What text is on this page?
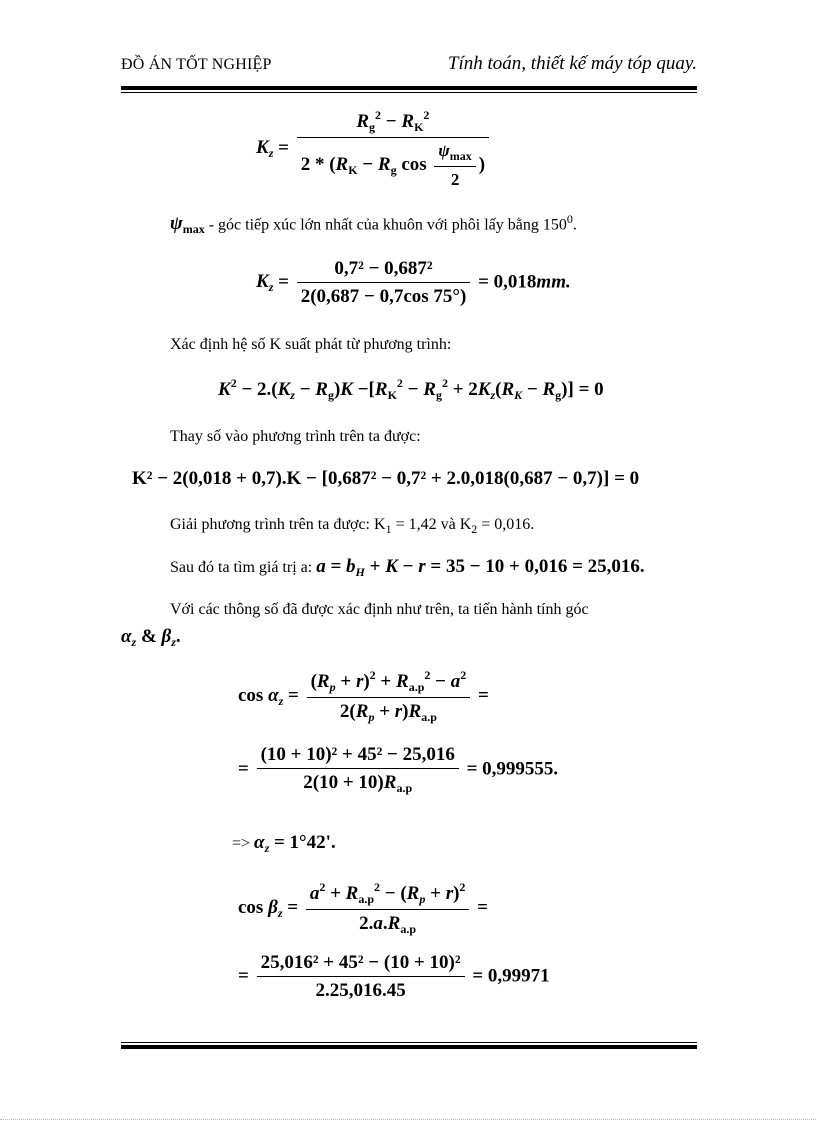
ĐỒ ÁN TỐT NGHIỆP	Tính toán, thiết kế máy tóp quay.
$K_z = \frac{R_g^2 - R_K^2}{2 * (R_K - R_g \cos \frac{\psi_{max}}{2} )}$
$\psi_{max}$ - góc tiếp xúc lớn nhất của khuôn với phôi lấy bằng $150^0$.
$K_z = \frac{\text{0,7² − 0,687²}}{2(0,687 - 0,7\cos 75^\circ)} = 0,018mm$.
Xác định hệ số K suất phát từ phương trình:
$K^2 - 2.(K_z - R_g)K -[R_K^2 - R_g^2 + 2K_z(R_K - R_g)] = 0$
Thay số vào phương trình trên ta được:
K² − 2(0,018 + 0,7).K − [0,687² − 0,7² + 2.0,018(0,687 − 0,7)] = 0
Giải phương trình trên ta được: $K_1 = 1,42$ và $K_2 = 0,016$.
Sau đó ta tìm giá trị a: $a = b_H + K - r = 35 - 10 + 0,016 = 25,016$.
Với các thông số đã được xác định như trên, ta tiến hành tính góc
$\alpha_z$ & $\beta_z$.
$\cos \alpha_z = \frac{(R_p + r)^2 + R_{a.p}^2 - a^2}{2(R_p + r)R_{a.p}}$ =
= $\frac{\text{(10 + 10)² + 45² − 25,016}}{2(10 + 10)R_{a.p}} = 0,999555$.
=> $\alpha_z = 1^\circ 42'$.
$\cos \beta_z = \frac{a^2 + R_{a.p}^2 - (R_p + r)^2}{2.a.R_{a.p}}$ =
= $\frac{\text{25,016² + 45² − (10 + 10)²}}{2.25,016.45} = 0,99971$
